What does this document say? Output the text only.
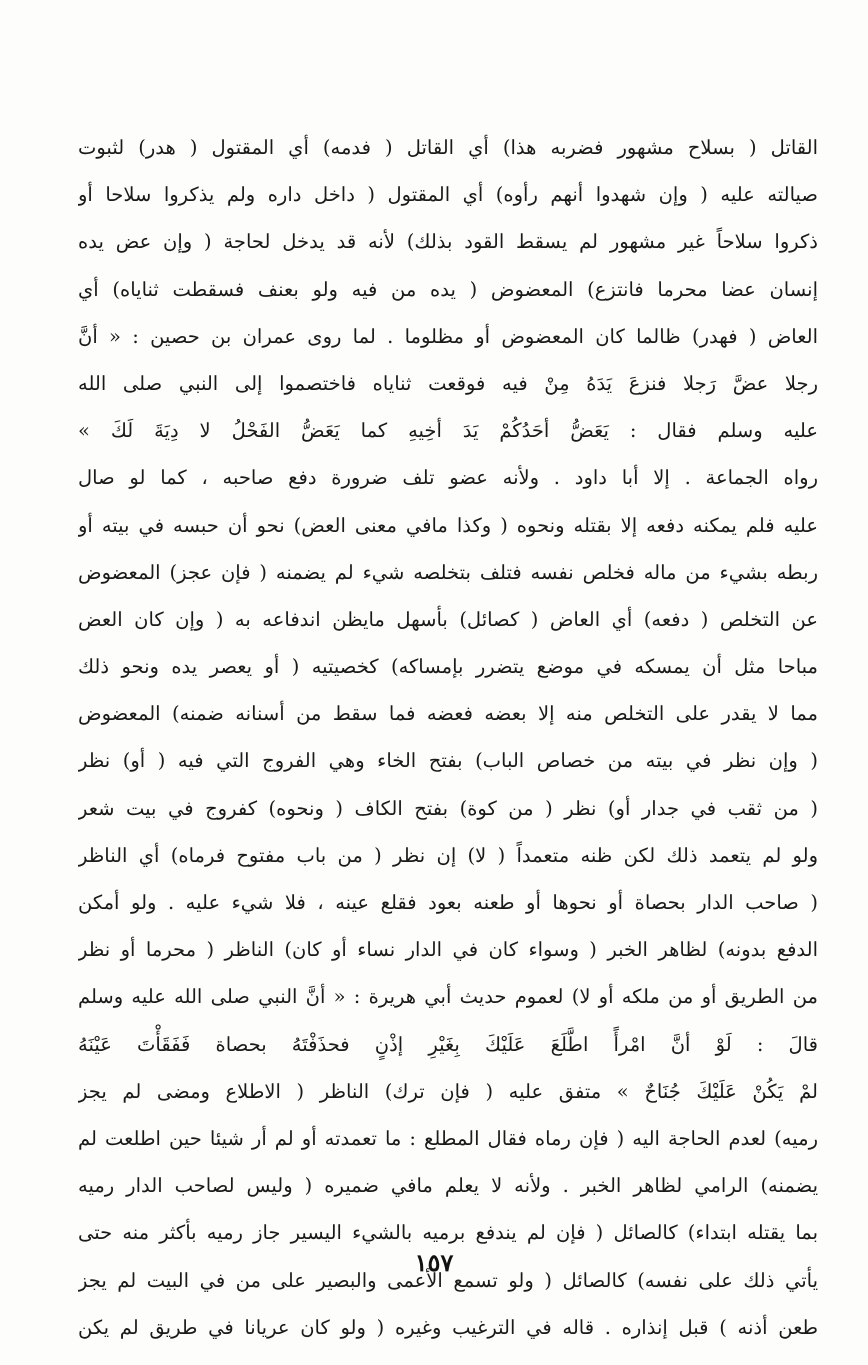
القاتل ( بسلاح مشهور فضربه هذا) أي القاتل ( فدمه) أي المقتول ( هدر) لثبوت
صيالته عليه ( وإن شهدوا أنهم رأوه) أي المقتول ( داخل داره ولم يذكروا سلاحا أو
ذكروا سلاحاً غير مشهور لم يسقط القود بذلك) لأنه قد يدخل لحاجة ( وإن عض يده
إنسان عضا محرما فانتزع) المعضوض ( يده من فيه ولو بعنف فسقطت ثناياه) أي
العاض ( فهدر) ظالما كان المعضوض أو مظلوما . لما روى عمران بن حصين : « أنَّ
رجلا عضَّ رَجلا فنزعَ يَدَهُ مِنْ فيه فوقعت ثناياه فاختصموا إلى النبي صلى الله
عليه وسلم فقال : يَعَضُّ أحَدُكُمْ يَدَ أخِيهِ كما يَعَضُّ الفَحْلُ لا دِيَةَ لَكَ »
رواه الجماعة . إلا أبا داود . ولأنه عضو تلف ضرورة دفع صاحبه ، كما لو صال
عليه فلم يمكنه دفعه إلا بقتله ونحوه ( وكذا مافي معنى العض) نحو أن حبسه في بيته أو
ربطه بشيء من ماله فخلص نفسه فتلف بتخلصه شيء لم يضمنه ( فإن عجز) المعضوض
عن التخلص ( دفعه) أي العاض ( كصائل) بأسهل مايظن اندفاعه به ( وإن كان العض
مباحا مثل أن يمسكه في موضع يتضرر بإمساكه) كخصيتيه ( أو يعصر يده ونحو ذلك
مما لا يقدر على التخلص منه إلا بعضه فعضه فما سقط من أسنانه ضمنه) المعضوض
( وإن نظر في بيته من خصاص الباب) بفتح الخاء وهي الفروج التي فيه ( أو) نظر
( من ثقب في جدار أو) نظر ( من كوة) بفتح الكاف ( ونحوه) كفروج في بيت شعر
ولو لم يتعمد ذلك لكن ظنه متعمداً ( لا) إن نظر ( من باب مفتوح فرماه) أي الناظر
( صاحب الدار بحصاة أو نحوها أو طعنه بعود فقلع عينه ، فلا شيء عليه . ولو أمكن
الدفع بدونه) لظاهر الخبر ( وسواء كان في الدار نساء أو كان) الناظر ( محرما أو نظر
من الطريق أو من ملكه أو لا) لعموم حديث أبي هريرة : « أنَّ النبي صلى الله عليه وسلم
قالَ : لَوْ أنَّ امْرأً اطَّلَعَ عَلَيْكَ بِغَيْرِ إذْنٍ فحذَفْتَهُ بحصاة فَفَقَأْتَ عَيْنَهُ
لمْ يَكُنْ عَلَيْكَ جُنَاحٌ » متفق عليه ( فإن ترك) الناظر ( الاطلاع ومضى لم يجز
رميه) لعدم الحاجة اليه ( فإن رماه فقال المطلع : ما تعمدته أو لم أر شيئا حين اطلعت لم
يضمنه) الرامي لظاهر الخبر . ولأنه لا يعلم مافي ضميره ( وليس لصاحب الدار رميه
بما يقتله ابتداء) كالصائل ( فإن لم يندفع برميه بالشيء اليسير جاز رميه بأكثر منه حتى
يأتي ذلك على نفسه) كالصائل ( ولو تسمع الأعمى والبصير على من في البيت لم يجز
طعن أذنه ) قبل إنذاره . قاله في الترغيب وغيره ( ولو كان عريانا في طريق لم يكن
١٥٧
